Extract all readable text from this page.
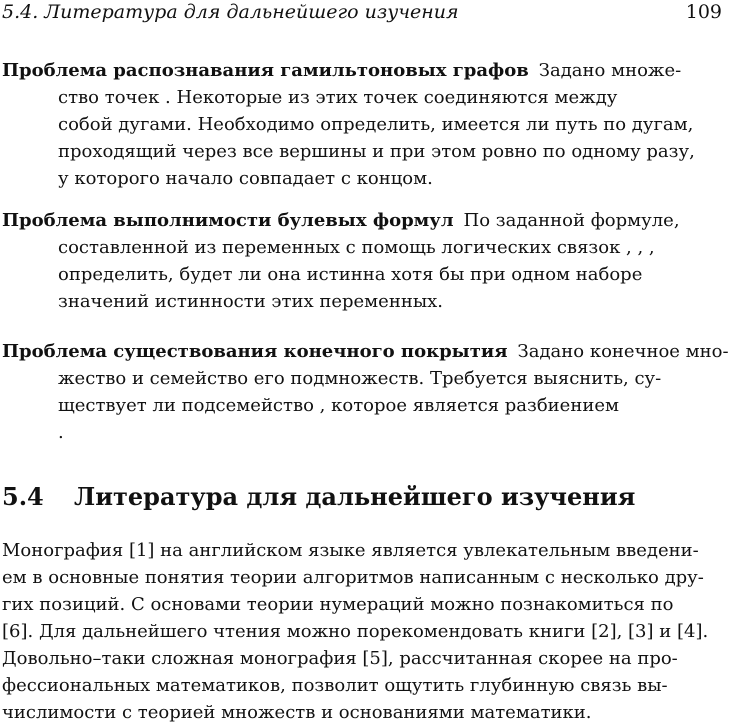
5.4. Литература для дальнейшего изучения	109
Проблема распознавания гамильтоновых графов Задано множе-
ство точек . Некоторые из этих точек соединяются между
собой дугами. Необходимо определить, имеется ли путь по дугам,
проходящий через все вершины и при этом ровно по одному разу,
у которого начало совпадает с концом.
Проблема выполнимости булевых формул По заданной формуле,
составленной из переменных с помощь логических связок , , ,
определить, будет ли она истинна хотя бы при одном наборе
значений истинности этих переменных.
Проблема существования конечного покрытия Задано конечное мно-
жество и семейство его подмножеств. Требуется выяснить, су-
ществует ли подсемейство , которое является разбиением
.
5.4 Литература для дальнейшего изучения
Монография [1] на английском языке является увлекательным введени-
ем в основные понятия теории алгоритмов написанным с несколько дру-
гих позиций. С основами теории нумераций можно познакомиться по
[6]. Для дальнейшего чтения можно порекомендовать книги [2], [3] и [4].
Довольно–таки сложная монография [5], рассчитанная скорее на про-
фессиональных математиков, позволит ощутить глубинную связь вы-
числимости с теорией множеств и основаниями математики.
